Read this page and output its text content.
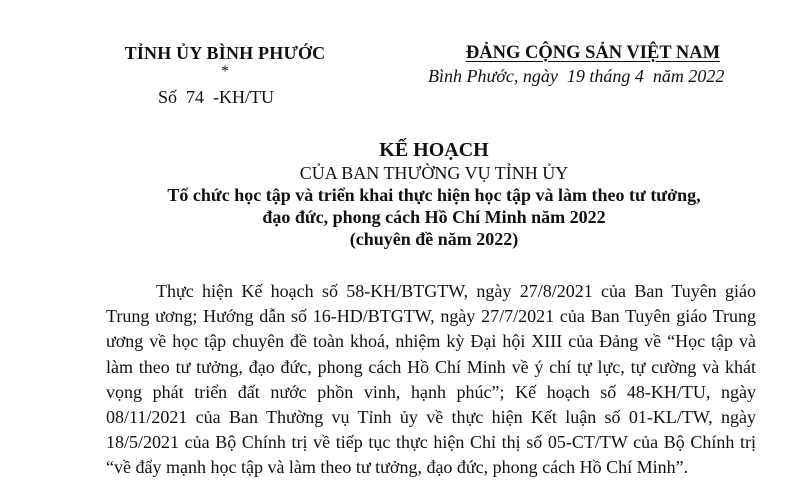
TỈNH ỦY BÌNH PHƯỚC
*
Số  74  -KH/TU
ĐẢNG CỘNG SẢN VIỆT NAM
Bình Phước, ngày  19 tháng 4  năm 2022
KẾ HOẠCH
CỦA BAN THƯỜNG VỤ TỈNH ỦY
Tổ chức học tập và triển khai thực hiện học tập và làm theo tư tưởng,
đạo đức, phong cách Hồ Chí Minh năm 2022
(chuyên đề năm 2022)
Thực hiện Kế hoạch số 58-KH/BTGTW, ngày 27/8/2021 của Ban Tuyên giáo Trung ương; Hướng dẫn số 16-HD/BTGTW, ngày 27/7/2021 của Ban Tuyên giáo Trung ương về học tập chuyên đề toàn khoá, nhiệm kỳ Đại hội XIII của Đảng về “Học tập và làm theo tư tưởng, đạo đức, phong cách Hồ Chí Minh về ý chí tự lực, tự cường và khát vọng phát triển đất nước phồn vinh, hạnh phúc”; Kế hoạch số 48-KH/TU, ngày 08/11/2021 của Ban Thường vụ Tỉnh ủy về thực hiện Kết luận số 01-KL/TW, ngày 18/5/2021 của Bộ Chính trị về tiếp tục thực hiện Chỉ thị số 05-CT/TW của Bộ Chính trị “về đẩy mạnh học tập và làm theo tư tưởng, đạo đức, phong cách Hồ Chí Minh”.
